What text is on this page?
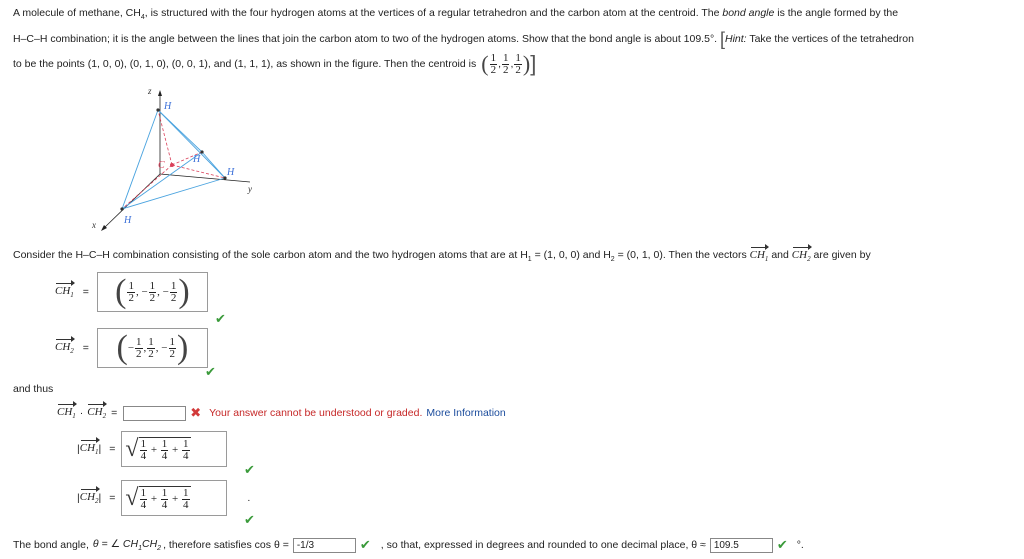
A molecule of methane, $CH_4$, is structured with the four hydrogen atoms at the vertices of a regular tetrahedron and the carbon atom at the centroid. The bond angle is the angle formed by the
H–C–H combination; it is the angle between the lines that join the carbon atom to two of the hydrogen atoms. Show that the bond angle is about 109.5°. [Hint: Take the vertices of the tetrahedron
to be the points (1, 0, 0), (0, 1, 0), (0, 0, 1), and (1, 1, 1), as shown in the figure. Then the centroid is ( $\frac{1}{2}$ , $\frac{1}{2}$ , $\frac{1}{2}$ ) ]
z
H
C
H
H
y
H
x
Consider the H–C–H combination consisting of the sole carbon atom and the two hydrogen atoms that are at $H_1 = (1$, 0, 0) and $H_2 = (0$, 1, 0). Then the vectors $CH_1$ and $CH_2$ are given by
$CH_1$ = ( $\frac{1}{2}$ , − $\frac{1}{2}$ , − $\frac{1}{2}$ )
✔
$CH_2$ = ( − $\frac{1}{2}$ , $\frac{1}{2}$ , − $\frac{1}{2}$ )
✔
and thus
$CH_1 \cdot CH_2$ =	✖ Your answer cannot be understood or graded. More Information
| $CH_1$ | = √ $\frac{1}{4} + \frac{1}{4} + \frac{1}{4}$
✔
| $CH_2$ | = √ $\frac{1}{4} + \frac{1}{4} + \frac{1}{4}$	.
✔
The bond angle, θ = ∠ $CH_1CH_2$ , therefore satisfies cos θ =
-1/3	✔ , so that, expressed in degrees and rounded to one decimal place, θ ≈
109.5	✔ °.
